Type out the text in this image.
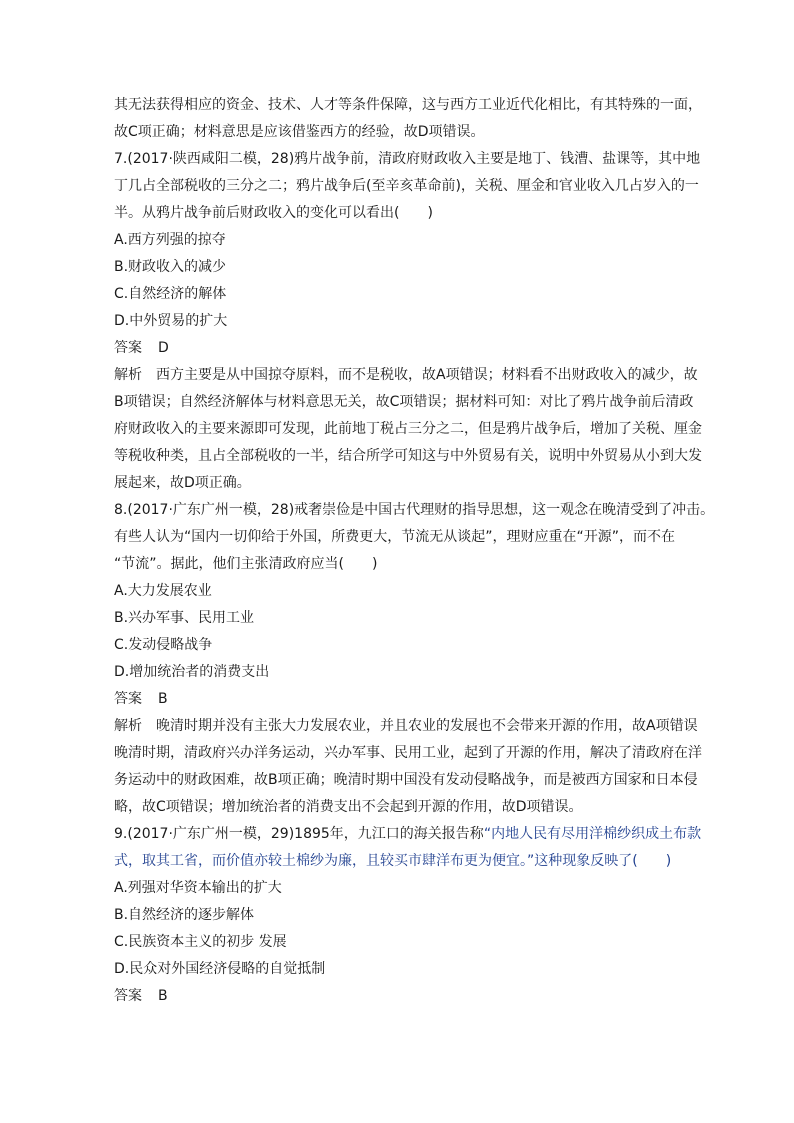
其无法获得相应的资金、技术、人才等条件保障，这与西方工业近代化相比，有其特殊的一面，
故C项正确；材料意思是应该借鉴西方的经验，故D项错误。

7.(2017·陕西咸阳二模，28)鸦片战争前，清政府财政收入主要是地丁、钱漕、盐课等，其中地
丁几占全部税收的三分之二；鸦片战争后(至辛亥革命前)，关税、厘金和官业收入几占岁入的一
半。从鸦片战争前后财政收入的变化可以看出(　　)

A.西方列强的掠夺
B.财政收入的减少
C.自然经济的解体
D.中外贸易的扩大
答案 D

解析　西方主要是从中国掠夺原料，而不是税收，故A项错误；材料看不出财政收入的减少，故
B项错误；自然经济解体与材料意思无关，故C项错误；据材料可知：对比了鸦片战争前后清政
府财政收入的主要来源即可发现，此前地丁税占三分之二，但是鸦片战争后，增加了关税、厘金
等税收种类，且占全部税收的一半，结合所学可知这与中外贸易有关，说明中外贸易从小到大发
展起来，故D项正确。

8.(2017·广东广州一模，28)戒奢崇俭是中国古代理财的指导思想，这一观念在晚清受到了冲击。
有些人认为“国内一切仰给于外国，所费更大，节流无从谈起”，理财应重在“开源”，而不在
“节流”。据此，他们主张清政府应当(　　)

A.大力发展农业
B.兴办军事、民用工业
C.发动侵略战争
D.增加统治者的消费支出
答案 B

解析　晚清时期并没有主张大力发展农业，并且农业的发展也不会带来开源的作用，故A项错误
晚清时期，清政府兴办洋务运动，兴办军事、民用工业，起到了开源的作用，解决了清政府在洋
务运动中的财政困难，故B项正确；晚清时期中国没有发动侵略战争，而是被西方国家和日本侵
略，故C项错误；增加统治者的消费支出不会起到开源的作用，故D项错误。

9.(2017·广东广州一模，29)1895年，九江口的海关报告称“内地人民有尽用洋棉纱织成土布款
式，取其工省，而价值亦较土棉纱为廉，且较买市肆洋布更为便宜。”这种现象反映了(　　)

A.列强对华资本输出的扩大
B.自然经济的逐步解体
C.民族资本主义的初步 发展
D.民众对外国经济侵略的自觉抵制
答案 B
